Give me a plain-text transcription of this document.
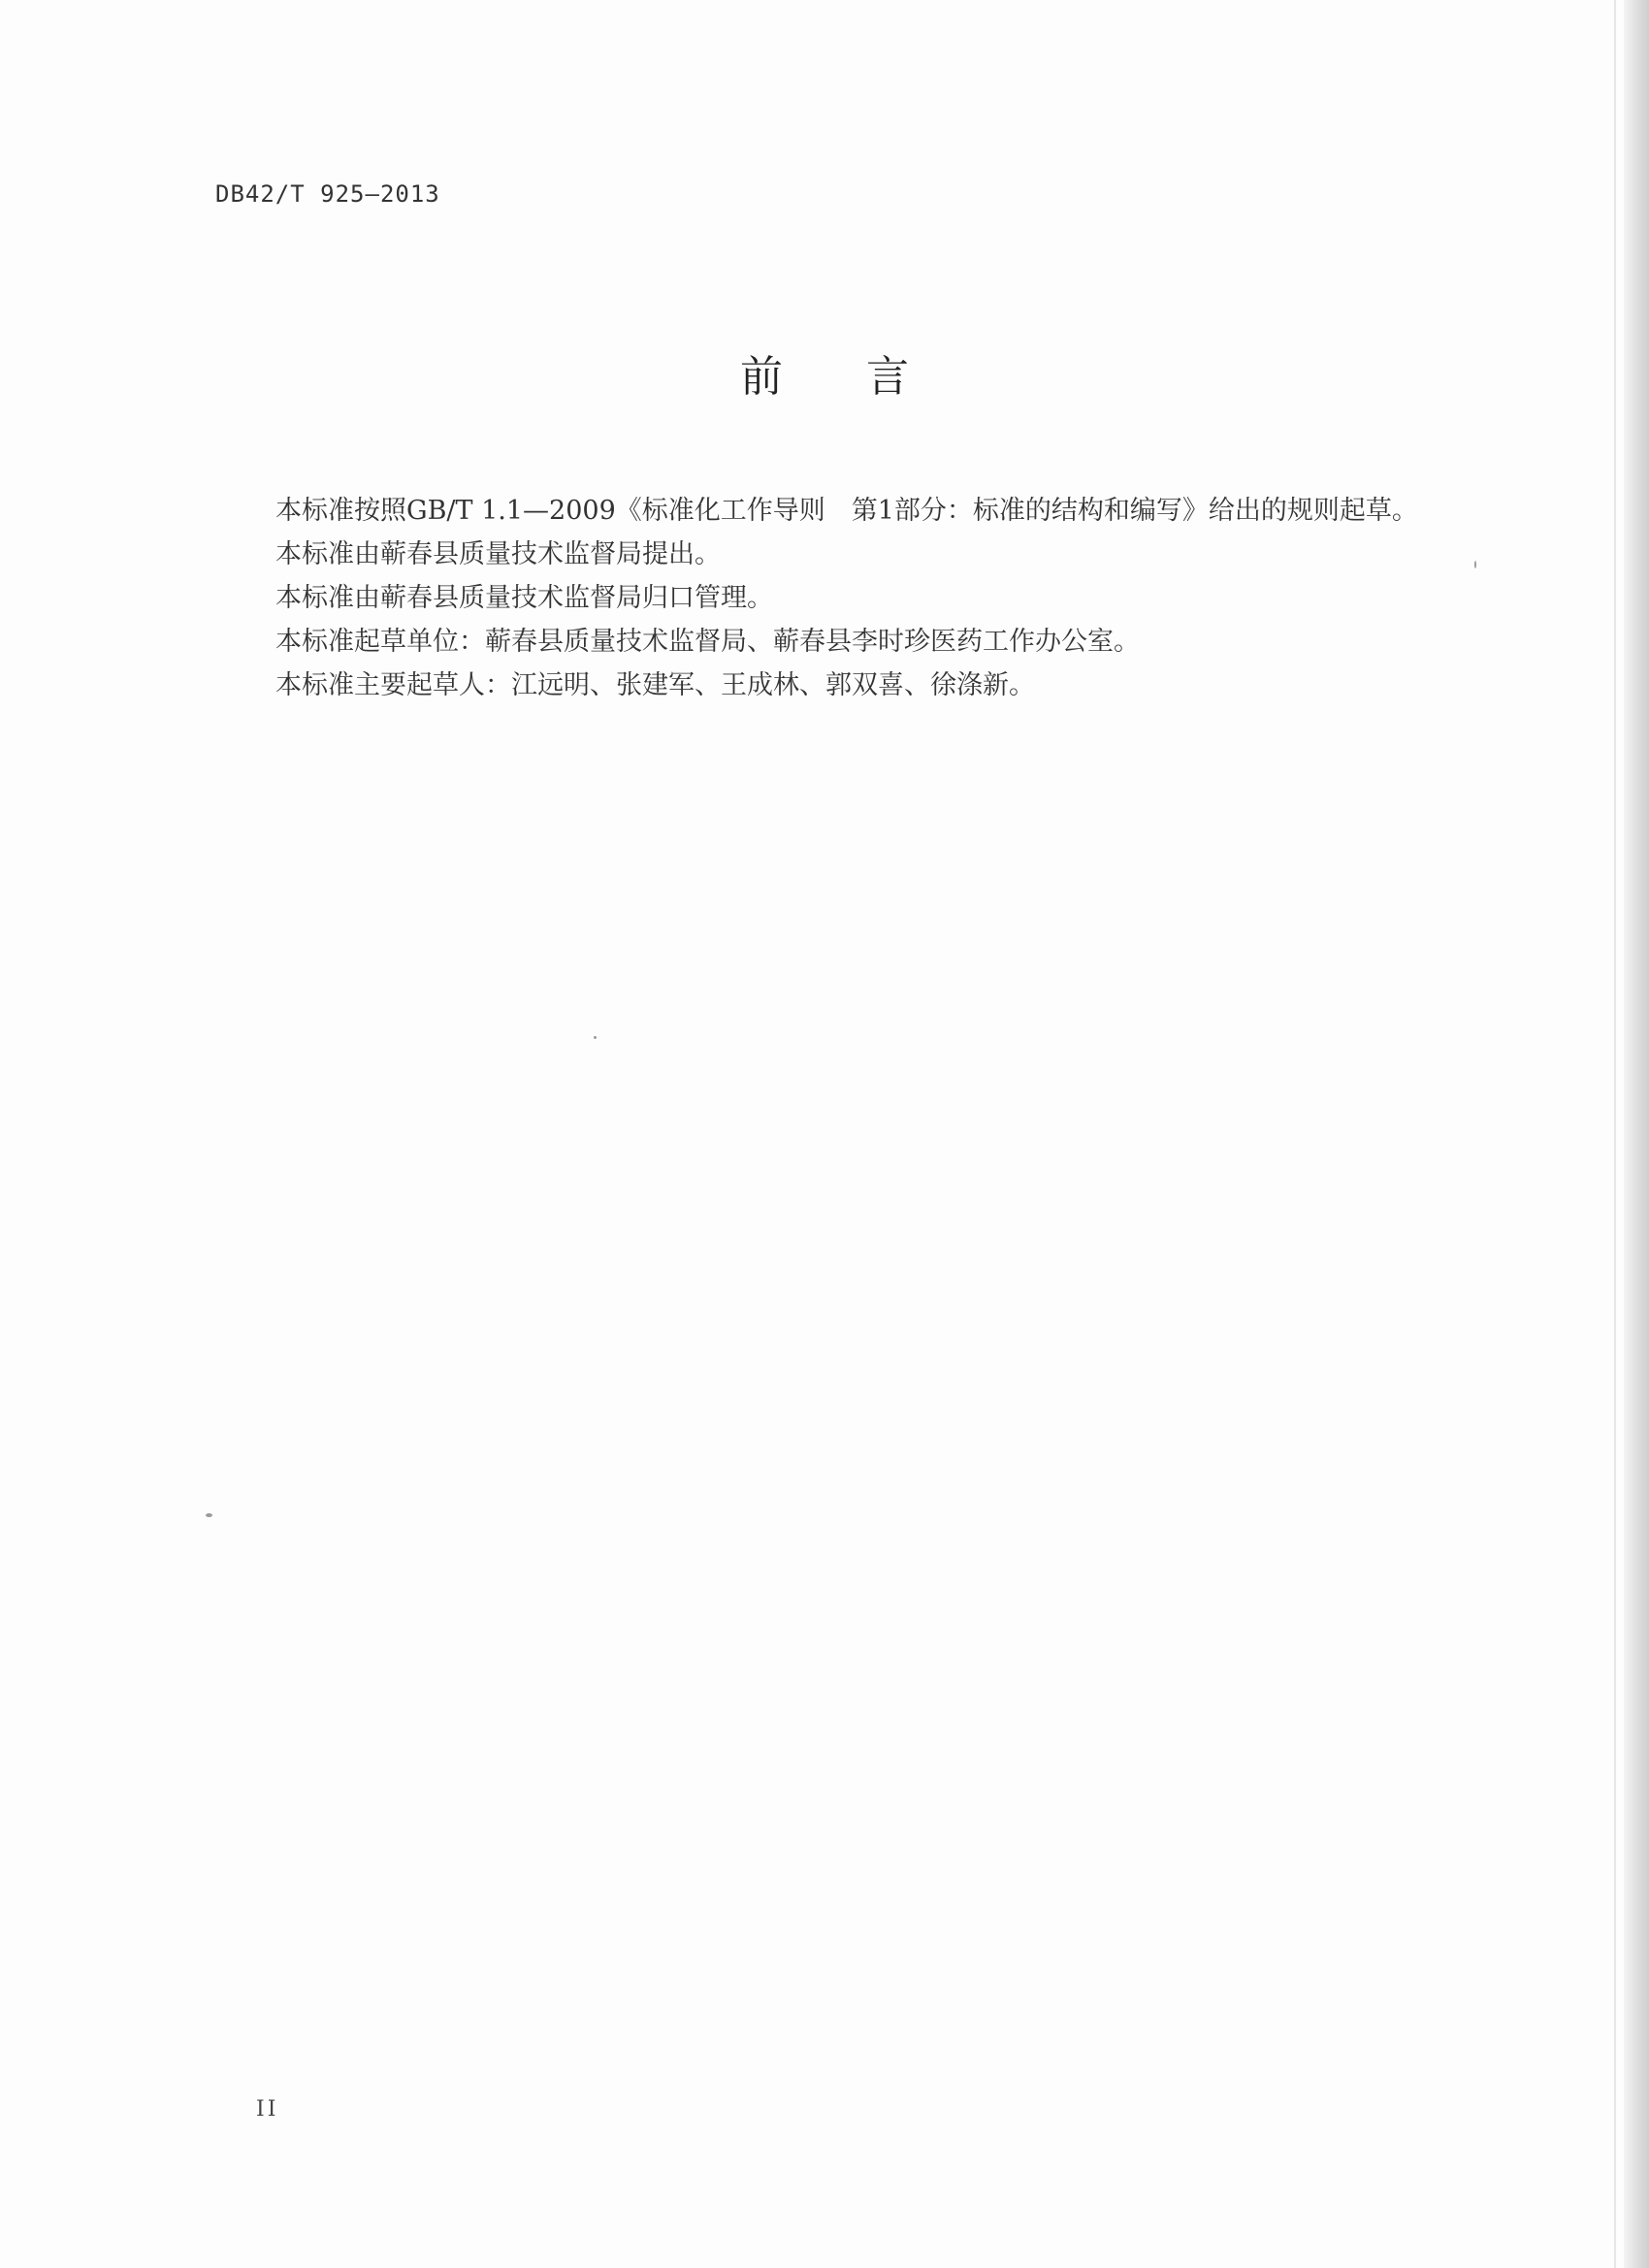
DB42/T 925—2013
前 言

本标准按照GB/T 1.1—2009《标准化工作导则　第1部分：标准的结构和编写》给出的规则起草。

本标准由蕲春县质量技术监督局提出。

本标准由蕲春县质量技术监督局归口管理。

本标准起草单位：蕲春县质量技术监督局、蕲春县李时珍医药工作办公室。

本标准主要起草人：江远明、张建军、王成林、郭双喜、徐涤新。

II
